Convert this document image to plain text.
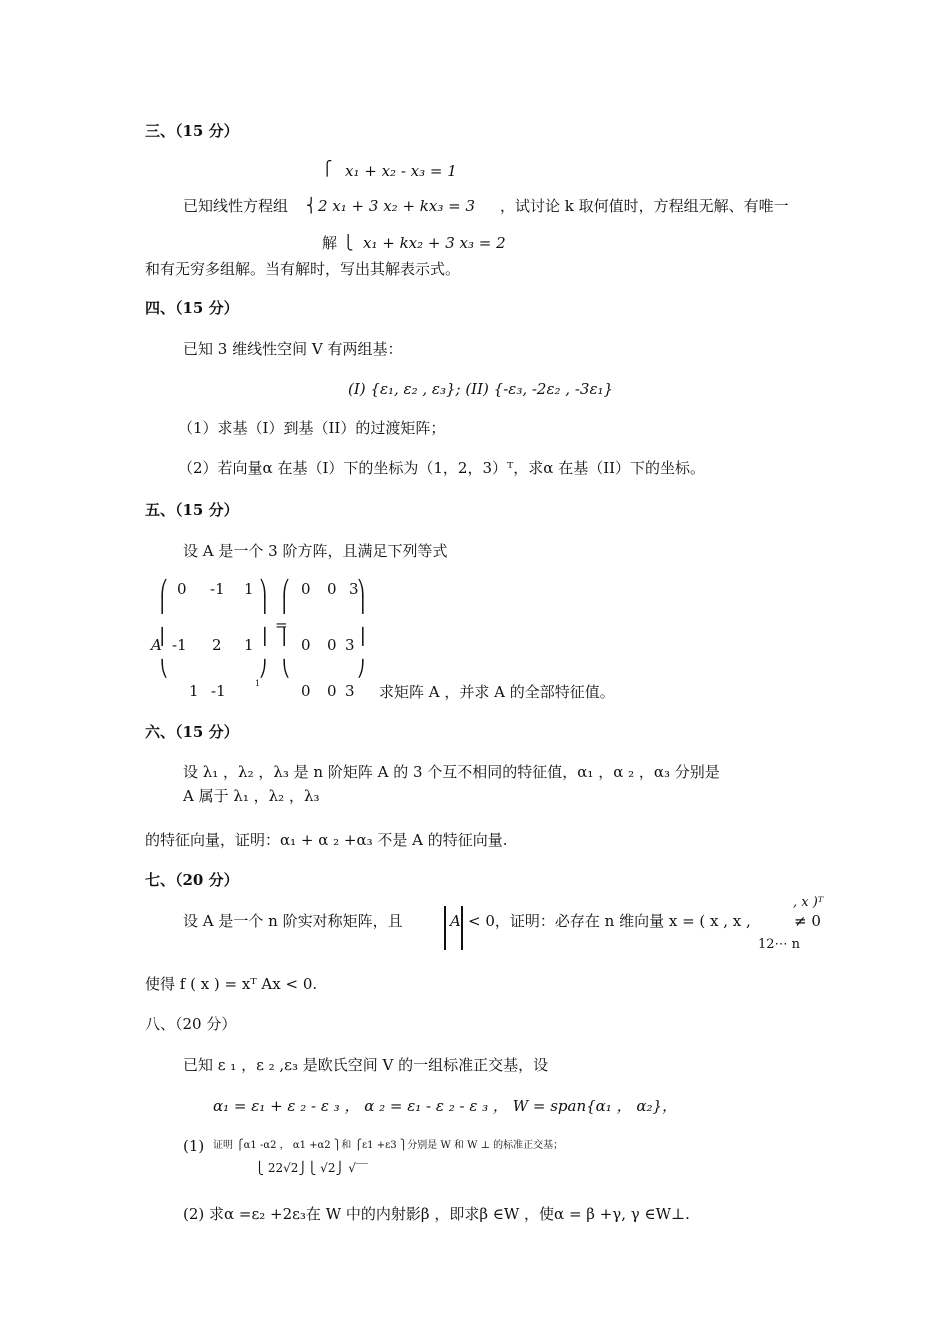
三、（15 分）
⎧ x₁ + x₂ - x₃ = 1
已知线性方程组 ⎨ 2 x₁ + 3 x₂ + kx₃ = 3 ，试讨论 k 取何值时，方程组无解、有唯一
解 ⎩ x₁ + kx₂ + 3 x₃ = 2
和有无穷多组解。当有解时，写出其解表示式。
四、（15 分）
已知 3 维线性空间 V 有两组基：
(I) {ε₁, ε₂ , ε₃}; (II) {-ε₃, -2ε₂ , -3ε₁}
（1）求基（I）到基（II）的过渡矩阵；
（2）若向量α 在基（I）下的坐标为（1，2，3）ᵀ，求α 在基（II）下的坐标。
五、（15 分）
设 A 是一个 3 阶方阵，且满足下列等式
A
⎛
⎜

⎜

⎝
0 -1 1
-1 2 1
1 -1	1
⎞
⎟

⎟

⎠
=
⎛
⎜

⎜

⎝
0 0 3
0 0 3
0 0 3
⎞
⎟

⎟

⎠
求矩阵 A ，并求 A 的全部特征值。
六、（15 分）
设 λ₁ ，λ₂ ，λ₃ 是 n 阶矩阵 A 的 3 个互不相同的特征值，α₁ ，α ₂ ，α₃ 分别是
A 属于 λ₁ ，λ₂ ，λ₃
的特征向量，证明：α₁ + α ₂ +α₃ 不是 A 的特征向量.
七、（20 分）
设 A 是一个 n 阶实对称矩阵，且	A < 0，证明：必存在 n 维向量 x = ( x , x ,
, x )ᵀ
≠ 0
12⋯ n
使得 f ( x ) = xᵀ Ax < 0.
八、（20 分）
已知 ε ₁ ，ε ₂ ,ε₃ 是欧氏空间 V 的一组标准正交基，设
α₁ = ε₁ + ε ₂ - ε ₃ ， α ₂ = ε₁ - ε ₂ - ε ₃ ， W = span{α₁ ， α₂}，
(1) 证明 ⎧α1 -α2 ， α1 +α2 ⎫和 ⎧ε1 +ε3 ⎫分别是 W 和 W ⊥ 的标准正交基；
⎩ 22√2⎭⎩ √2⎭ √‾‾
(2) 求α =ε₂ +2ε₃在 W 中的内射影β ，即求β ∈W ，使α = β +γ, γ ∈W⊥.
